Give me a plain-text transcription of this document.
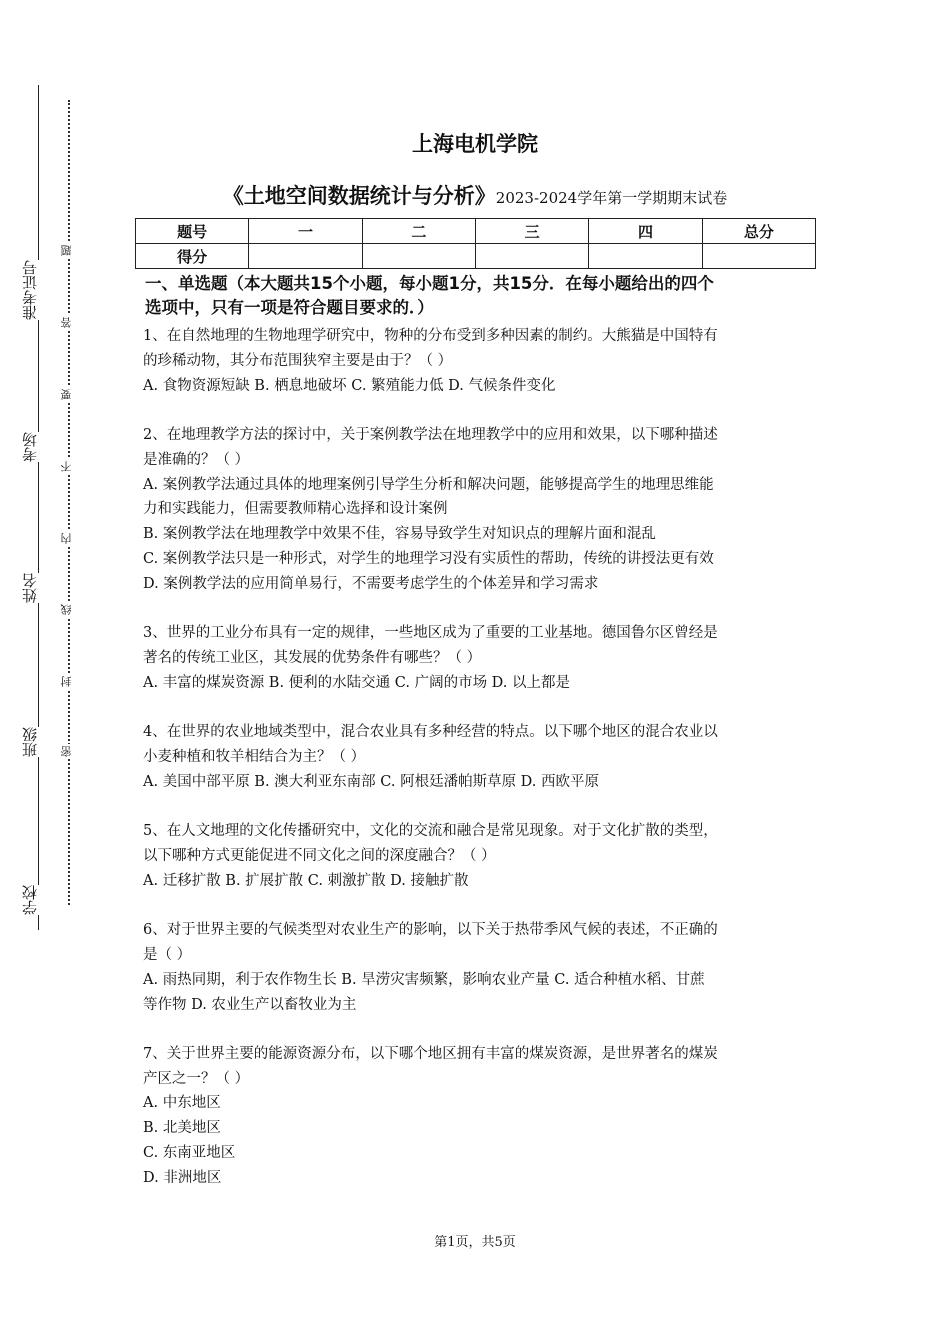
学校
班级
姓名
考场
准考证号
密
封
线
内
不
要
答
题
上海电机学院
《土地空间数据统计与分析》2023-2024学年第一学期期末试卷
题号	一	二	三	四	总分
得分					
一、单选题（本大题共15个小题，每小题1分，共15分．在每小题给出的四个
选项中，只有一项是符合题目要求的．）

1、在自然地理的生物地理学研究中，物种的分布受到多种因素的制约。大熊猫是中国特有

的珍稀动物，其分布范围狭窄主要是由于？（ ）

A. 食物资源短缺 B. 栖息地破坏 C. 繁殖能力低 D. 气候条件变化

2、在地理教学方法的探讨中，关于案例教学法在地理教学中的应用和效果，以下哪种描述

是准确的？（ ）

A. 案例教学法通过具体的地理案例引导学生分析和解决问题，能够提高学生的地理思维能

力和实践能力，但需要教师精心选择和设计案例

B. 案例教学法在地理教学中效果不佳，容易导致学生对知识点的理解片面和混乱

C. 案例教学法只是一种形式，对学生的地理学习没有实质性的帮助，传统的讲授法更有效

D. 案例教学法的应用简单易行，不需要考虑学生的个体差异和学习需求

3、世界的工业分布具有一定的规律，一些地区成为了重要的工业基地。德国鲁尔区曾经是

著名的传统工业区，其发展的优势条件有哪些？（ ）

A. 丰富的煤炭资源 B. 便利的水陆交通 C. 广阔的市场 D. 以上都是

4、在世界的农业地域类型中，混合农业具有多种经营的特点。以下哪个地区的混合农业以

小麦种植和牧羊相结合为主？（ ）

A. 美国中部平原 B. 澳大利亚东南部 C. 阿根廷潘帕斯草原 D. 西欧平原

5、在人文地理的文化传播研究中，文化的交流和融合是常见现象。对于文化扩散的类型，

以下哪种方式更能促进不同文化之间的深度融合？（ ）

A. 迁移扩散 B. 扩展扩散 C. 刺激扩散 D. 接触扩散

6、对于世界主要的气候类型对农业生产的影响，以下关于热带季风气候的表述，不正确的

是（ ）

A. 雨热同期，利于农作物生长 B. 旱涝灾害频繁，影响农业产量 C. 适合种植水稻、甘蔗

等作物 D. 农业生产以畜牧业为主

7、关于世界主要的能源资源分布，以下哪个地区拥有丰富的煤炭资源，是世界著名的煤炭

产区之一？（ ）

A. 中东地区

B. 北美地区

C. 东南亚地区

D. 非洲地区

第1页，共5页
